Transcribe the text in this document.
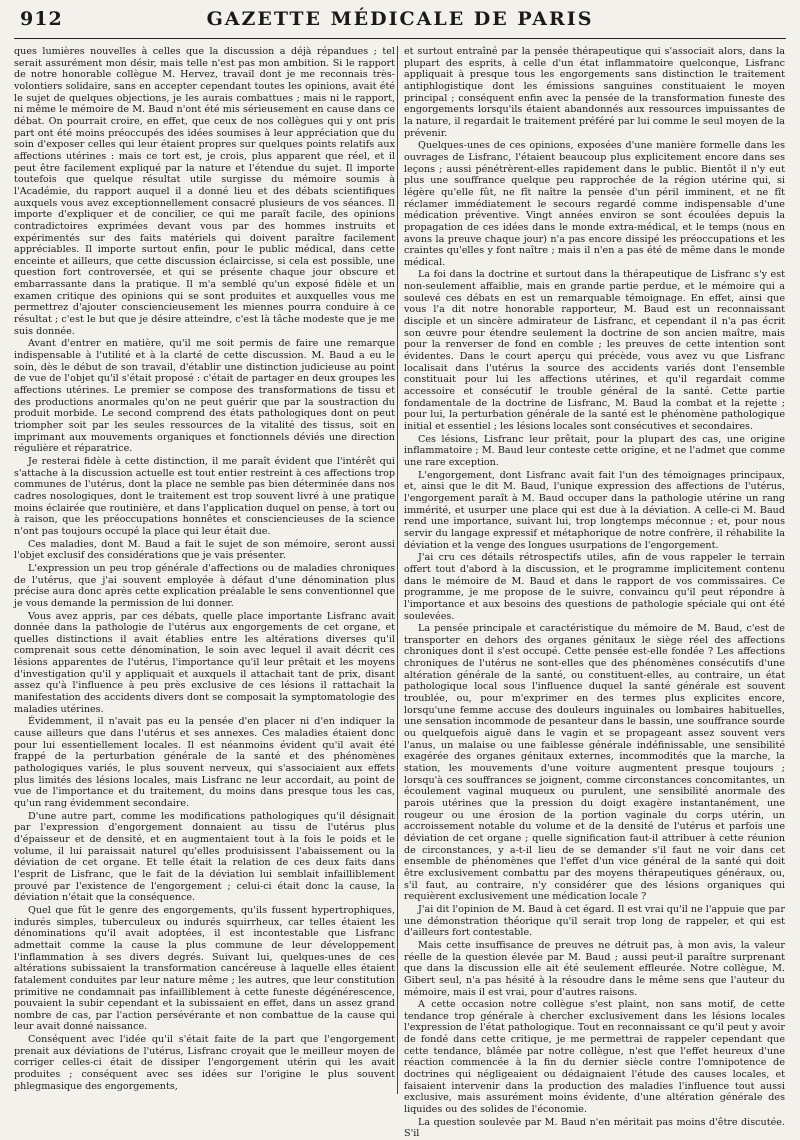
912	GAZETTE MÉDICALE DE PARIS

ques lumières nouvelles à celles que la discussion a déjà répandues ; tel serait assurément mon désir, mais telle n'est pas mon ambition. Si le rapport de notre honorable collègue M. Hervez, travail dont je me reconnais très-volontiers solidaire, sans en accepter cependant toutes les opinions, avait été le sujet de quelques objections, je les aurais combattues ; mais ni le rapport, ni même le mémoire de M. Baud n'ont été mis sérieusement en cause dans ce débat. On pourrait croire, en effet, que ceux de nos collègues qui y ont pris part ont été moins préoccupés des idées soumises à leur appréciation que du soin d'exposer celles qui leur étaient propres sur quelques points relatifs aux affections utérines : mais ce tort est, je crois, plus apparent que réel, et il peut être facilement expliqué par la nature et l'étendue du sujet. Il importe toutefois que quelque résultat utile surgisse du mémoire soumis à l'Académie, du rapport auquel il a donné lieu et des débats scientifiques auxquels vous avez exceptionnellement consacré plusieurs de vos séances. Il importe d'expliquer et de concilier, ce qui me paraît facile, des opinions contradictoires exprimées devant vous par des hommes instruits et expérimentés sur des faits matériels qui doivent paraître facilement appréciables. Il importe surtout enfin, pour le public médical, dans cette enceinte et ailleurs, que cette discussion éclaircisse, si cela est possible, une question fort controversée, et qui se présente chaque jour obscure et embarrassante dans la pratique. Il m'a semblé qu'un exposé fidèle et un examen critique des opinions qui se sont produites et auxquelles vous me permettrez d'ajouter consciencieusement les miennes pourra conduire à ce résultat ; c'est le but que je désire atteindre, c'est là tâche modeste que je me suis donnée.

Avant d'entrer en matière, qu'il me soit permis de faire une remarque indispensable à l'utilité et à la clarté de cette discussion. M. Baud a eu le soin, dès le début de son travail, d'établir une distinction judicieuse au point de vue de l'objet qu'il s'était proposé : c'était de partager en deux groupes les affections utérines. Le premier se compose des transformations de tissu et des productions anormales qu'on ne peut guérir que par la soustraction du produit morbide. Le second comprend des états pathologiques dont on peut triompher soit par les seules ressources de la vitalité des tissus, soit en imprimant aux mouvements organiques et fonctionnels déviés une direction régulière et réparatrice.

Je resterai fidèle à cette distinction, il me paraît évident que l'intérêt qui s'attache à la discussion actuelle est tout entier restreint à ces affections trop communes de l'utérus, dont la place ne semble pas bien déterminée dans nos cadres nosologiques, dont le traitement est trop souvent livré à une pratique moins éclairée que routinière, et dans l'application duquel on pense, à tort ou à raison, que les préoccupations honnêtes et consciencieuses de la science n'ont pas toujours occupé la place qui leur était due.

Ces maladies, dont M. Baud a fait le sujet de son mémoire, seront aussi l'objet exclusif des considérations que je vais présenter.

L'expression un peu trop générale d'affections ou de maladies chroniques de l'utérus, que j'ai souvent employée à défaut d'une dénomination plus précise aura donc après cette explication préalable le sens conventionnel que je vous demande la permission de lui donner.

Vous avez appris, par ces débats, quelle place importante Lisfranc avait donnée dans la pathologie de l'utérus aux engorgements de cet organe, et quelles distinctions il avait établies entre les altérations diverses qu'il comprenait sous cette dénomination, le soin avec lequel il avait décrit ces lésions apparentes de l'utérus, l'importance qu'il leur prêtait et les moyens d'investigation qu'il y appliquait et auxquels il attachait tant de prix, disant assez qu'à l'influence à peu près exclusive de ces lésions il rattachait la manifestation des accidents divers dont se composait la symptomatologie des maladies utérines.

Évidemment, il n'avait pas eu la pensée d'en placer ni d'en indiquer la cause ailleurs que dans l'utérus et ses annexes. Ces maladies étaient donc pour lui essentiellement locales. Il est néanmoins évident qu'il avait été frappé de la perturbation générale de la santé et des phénomènes pathologiques variés, le plus souvent nerveux, qui s'associaient aux effets plus limités des lésions locales, mais Lisfranc ne leur accordait, au point de vue de l'importance et du traitement, du moins dans presque tous les cas, qu'un rang évidemment secondaire.

D'une autre part, comme les modifications pathologiques qu'il désignait par l'expression d'engorgement donnaient au tissu de l'utérus plus d'épaisseur et de densité, et en augmentaient tout à la fois le poids et le volume, il lui paraissait naturel qu'elles produisissent l'abaissement ou la déviation de cet organe. Et telle était la relation de ces deux faits dans l'esprit de Lisfranc, que le fait de la déviation lui semblait infailliblement prouvé par l'existence de l'engorgement ; celui-ci était donc la cause, la déviation n'était que la conséquence.

Quel que fût le genre des engorgements, qu'ils fussent hypertrophiques, indurés simples, tuberculeux ou indurés squirrheux, car telles étaient les dénominations qu'il avait adoptées, il est incontestable que Lisfranc admettait comme la cause la plus commune de leur développement l'inflammation à ses divers degrés. Suivant lui, quelques-unes de ces altérations subissaient la transformation cancéreuse à laquelle elles étaient fatalement conduites par leur nature même ; les autres, que leur constitution primitive ne condamnait pas infailliblement à cette funeste dégénérescence, pouvaient la subir cependant et la subissaient en effet, dans un assez grand nombre de cas, par l'action persévérante et non combattue de la cause qui leur avait donné naissance.

Conséquent avec l'idée qu'il s'était faite de la part que l'engorgement prenait aux déviations de l'utérus, Lisfranc croyait que le meilleur moyen de corriger celles-ci était de dissiper l'engorgement utérin qui les avait produites ; conséquent avec ses idées sur l'origine le plus souvent phlegmasique des engorgements,

et surtout entraîné par la pensée thérapeutique qui s'associait alors, dans la plupart des esprits, à celle d'un état inflammatoire quelconque, Lisfranc appliquait à presque tous les engorgements sans distinction le traitement antiphlogistique dont les émissions sanguines constituaient le moyen principal ; conséquent enfin avec la pensée de la transformation funeste des engorgements lorsqu'ils étaient abandonnés aux ressources impuissantes de la nature, il regardait le traitement préféré par lui comme le seul moyen de la prévenir.

Quelques-unes de ces opinions, exposées d'une manière formelle dans les ouvrages de Lisfranc, l'étaient beaucoup plus explicitement encore dans ses leçons ; aussi pénétrèrent-elles rapidement dans le public. Bientôt il n'y eut plus une souffrance quelque peu rapprochée de la région utérine qui, si légère qu'elle fût, ne fît naître la pensée d'un péril imminent, et ne fît réclamer immédiatement le secours regardé comme indispensable d'une médication préventive. Vingt années environ se sont écoulées depuis la propagation de ces idées dans le monde extra-médical, et le temps (nous en avons la preuve chaque jour) n'a pas encore dissipé les préoccupations et les craintes qu'elles y font naître ; mais il n'en a pas été de même dans le monde médical.

La foi dans la doctrine et surtout dans la thérapeutique de Lisfranc s'y est non-seulement affaiblie, mais en grande partie perdue, et le mémoire qui a soulevé ces débats en est un remarquable témoignage. En effet, ainsi que vous l'a dit notre honorable rapporteur, M. Baud est un reconnaissant disciple et un sincère admirateur de Lisfranc, et cependant il n'a pas écrit son œuvre pour étendre seulement la doctrine de son ancien maître, mais pour la renverser de fond en comble ; les preuves de cette intention sont évidentes. Dans le court aperçu qui précède, vous avez vu que Lisfranc localisait dans l'utérus la source des accidents variés dont l'ensemble constituait pour lui les affections utérines, et qu'il regardait comme accessoire et consécutif le trouble général de la santé. Cette partie fondamentale de la doctrine de Lisfranc, M. Baud la combat et la rejette ; pour lui, la perturbation générale de la santé est le phénomène pathologique initial et essentiel ; les lésions locales sont consécutives et secondaires.

Ces lésions, Lisfranc leur prêtait, pour la plupart des cas, une origine inflammatoire ; M. Baud leur conteste cette origine, et ne l'admet que comme une rare exception.

L'engorgement, dont Lisfranc avait fait l'un des témoignages principaux, et, ainsi que le dit M. Baud, l'unique expression des affections de l'utérus, l'engorgement paraît à M. Baud occuper dans la pathologie utérine un rang immérité, et usurper une place qui est due à la déviation. A celle-ci M. Baud rend une importance, suivant lui, trop longtemps méconnue ; et, pour nous servir du langage expressif et métaphorique de notre confrère, il réhabilite la déviation et la venge des longues usurpations de l'engorgement.

J'ai cru ces détails rétrospectifs utiles, afin de vous rappeler le terrain offert tout d'abord à la discussion, et le programme implicitement contenu dans le mémoire de M. Baud et dans le rapport de vos commissaires. Ce programme, je me propose de le suivre, convaincu qu'il peut répondre à l'importance et aux besoins des questions de pathologie spéciale qui ont été soulevées.

La pensée principale et caractéristique du mémoire de M. Baud, c'est de transporter en dehors des organes génitaux le siège réel des affections chroniques dont il s'est occupé. Cette pensée est-elle fondée ? Les affections chroniques de l'utérus ne sont-elles que des phénomènes consécutifs d'une altération générale de la santé, ou constituent-elles, au contraire, un état pathologique local sous l'influence duquel la santé générale est souvent troublée, ou, pour m'exprimer en des termes plus explicites encore, lorsqu'une femme accuse des douleurs inguinales ou lombaires habituelles, une sensation incommode de pesanteur dans le bassin, une souffrance sourde ou quelquefois aiguë dans le vagin et se propageant assez souvent vers l'anus, un malaise ou une faiblesse générale indéfinissable, une sensibilité exagérée des organes génitaux externes, incommodités que la marche, la station, les mouvements d'une voiture augmentent presque toujours ; lorsqu'à ces souffrances se joignent, comme circonstances concomitantes, un écoulement vaginal muqueux ou purulent, une sensibilité anormale des parois utérines que la pression du doigt exagère instantanément, une rougeur ou une érosion de la portion vaginale du corps utérin, un accroissement notable du volume et de la densité de l'utérus et parfois une déviation de cet organe ; quelle signification faut-il attribuer à cette réunion de circonstances, y a-t-il lieu de se demander s'il faut ne voir dans cet ensemble de phénomènes que l'effet d'un vice général de la santé qui doit être exclusivement combattu par des moyens thérapeutiques généraux, ou, s'il faut, au contraire, n'y considérer que des lésions organiques qui requièrent exclusivement une médication locale ?

J'ai dit l'opinion de M. Baud à cet égard. Il est vrai qu'il ne l'appuie que par une démonstration théorique qu'il serait trop long de rappeler, et qui est d'ailleurs fort contestable.

Mais cette insuffisance de preuves ne détruit pas, à mon avis, la valeur réelle de la question élevée par M. Baud ; aussi peut-il paraître surprenant que dans la discussion elle ait été seulement effleurée. Notre collègue, M. Gibert seul, n'a pas hésité à la résoudre dans le même sens que l'auteur du mémoire, mais il est vrai, pour d'autres raisons.

A cette occasion notre collègue s'est plaint, non sans motif, de cette tendance trop générale à chercher exclusivement dans les lésions locales l'expression de l'état pathologique. Tout en reconnaissant ce qu'il peut y avoir de fondé dans cette critique, je me permettrai de rappeler cependant que cette tendance, blâmée par notre collègue, n'est que l'effet heureux d'une réaction commencée à la fin du dernier siècle contre l'omnipotence de doctrines qui négligeaient ou dédaignaient l'étude des causes locales, et faisaient intervenir dans la production des maladies l'influence tout aussi exclusive, mais assurément moins évidente, d'une altération générale des liquides ou des solides de l'économie.

La question soulevée par M. Baud n'en méritait pas moins d'être discutée. S'il
